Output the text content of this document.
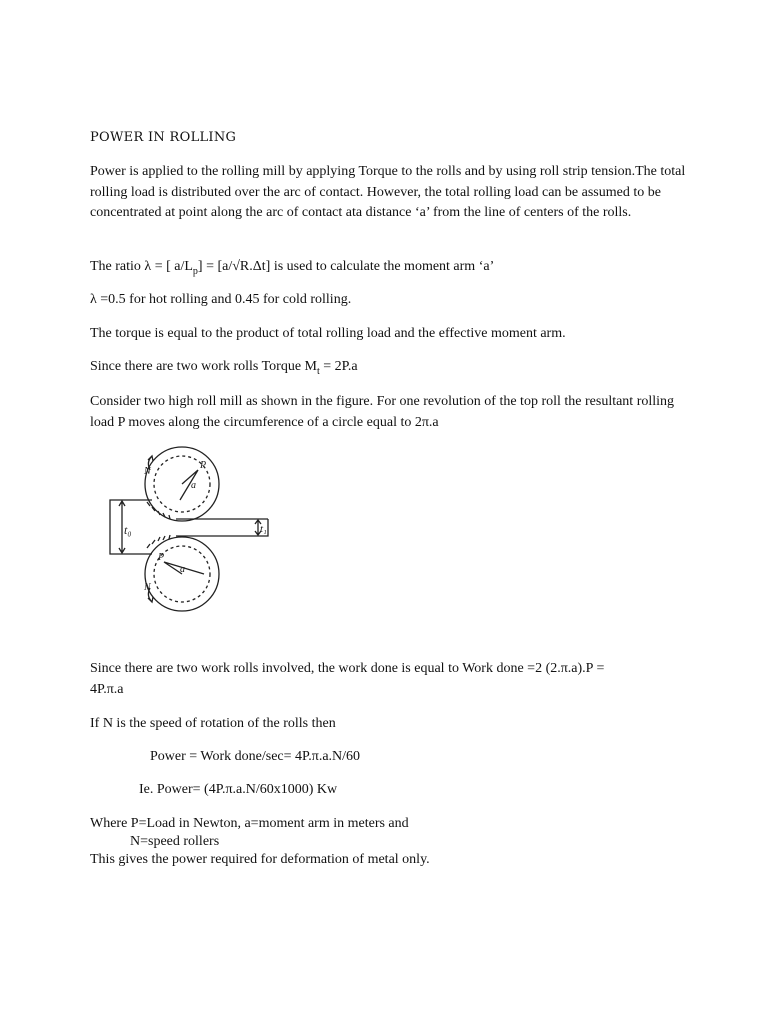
POWER IN ROLLING
Power is applied to the rolling mill by applying Torque to the rolls and by using roll strip tension.The total rolling load is distributed over the arc of contact. However, the total rolling load can be assumed to be concentrated at point along the arc of contact ata distance ‘a’ from the line of centers of the rolls.
The ratio λ = [ $a/L_p] = [a/√R.\Delta t]$ is used to calculate the moment arm ‘a’
λ =0.5 for hot rolling and 0.45 for cold rolling.
The torque is equal to the product of total rolling load and the effective moment arm.
Since there are two work rolls Torque $M_t = 2P.a$
Consider two high roll mill as shown in the figure. For one revolution of the top roll the resultant rolling load P moves along the circumference of a circle equal to 2π.a
N
P
a
N
P
a
t₀	t₁
Since there are two work rolls involved, the work done is equal to Work done =2 (2.π.a).P =
4P.π.a
If N is the speed of rotation of the rolls then
Power = Work done/sec= 4P.π.a.N/60
Ie. Power= (4P.π.a.N/60x1000) Kw
Where P=Load in Newton, a=moment arm in meters and
N=speed rollers
This gives the power required for deformation of metal only.
